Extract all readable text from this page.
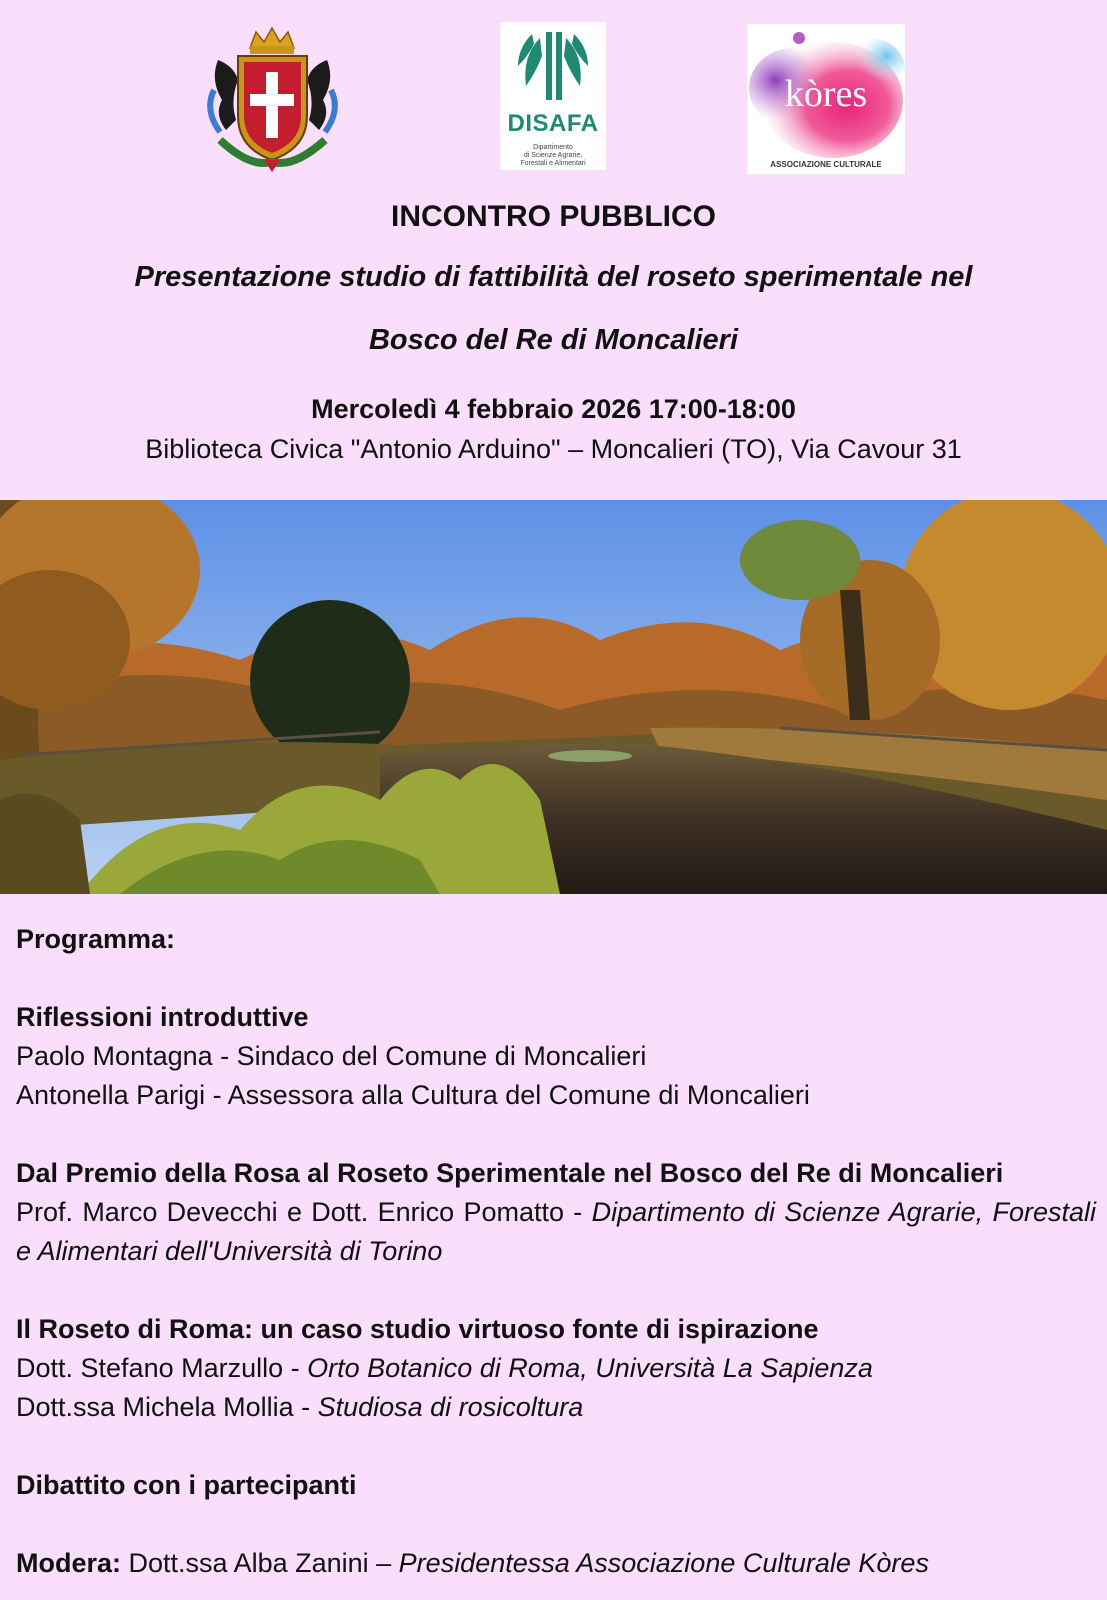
DISAFA
Dipartimento
di Scienze Agrarie,
Forestali e Alimentari
kòres
ASSOCIAZIONE CULTURALE
INCONTRO PUBBLICO
Presentazione studio di fattibilità del roseto sperimentale nel
Bosco del Re di Moncalieri
Mercoledì 4 febbraio 2026 17:00-18:00
Biblioteca Civica "Antonio Arduino" – Moncalieri (TO), Via Cavour 31
Programma:
Riflessioni introduttive
Paolo Montagna - Sindaco del Comune di Moncalieri
Antonella Parigi - Assessora alla Cultura del Comune di Moncalieri
Dal Premio della Rosa al Roseto Sperimentale nel Bosco del Re di Moncalieri
Prof. Marco Devecchi e Dott. Enrico Pomatto - Dipartimento di Scienze Agrarie, Forestali e Alimentari dell'Università di Torino
Il Roseto di Roma: un caso studio virtuoso fonte di ispirazione
Dott. Stefano Marzullo - Orto Botanico di Roma, Università La Sapienza
Dott.ssa Michela Mollia - Studiosa di rosicoltura
Dibattito con i partecipanti
Modera: Dott.ssa Alba Zanini – Presidentessa Associazione Culturale Kòres
